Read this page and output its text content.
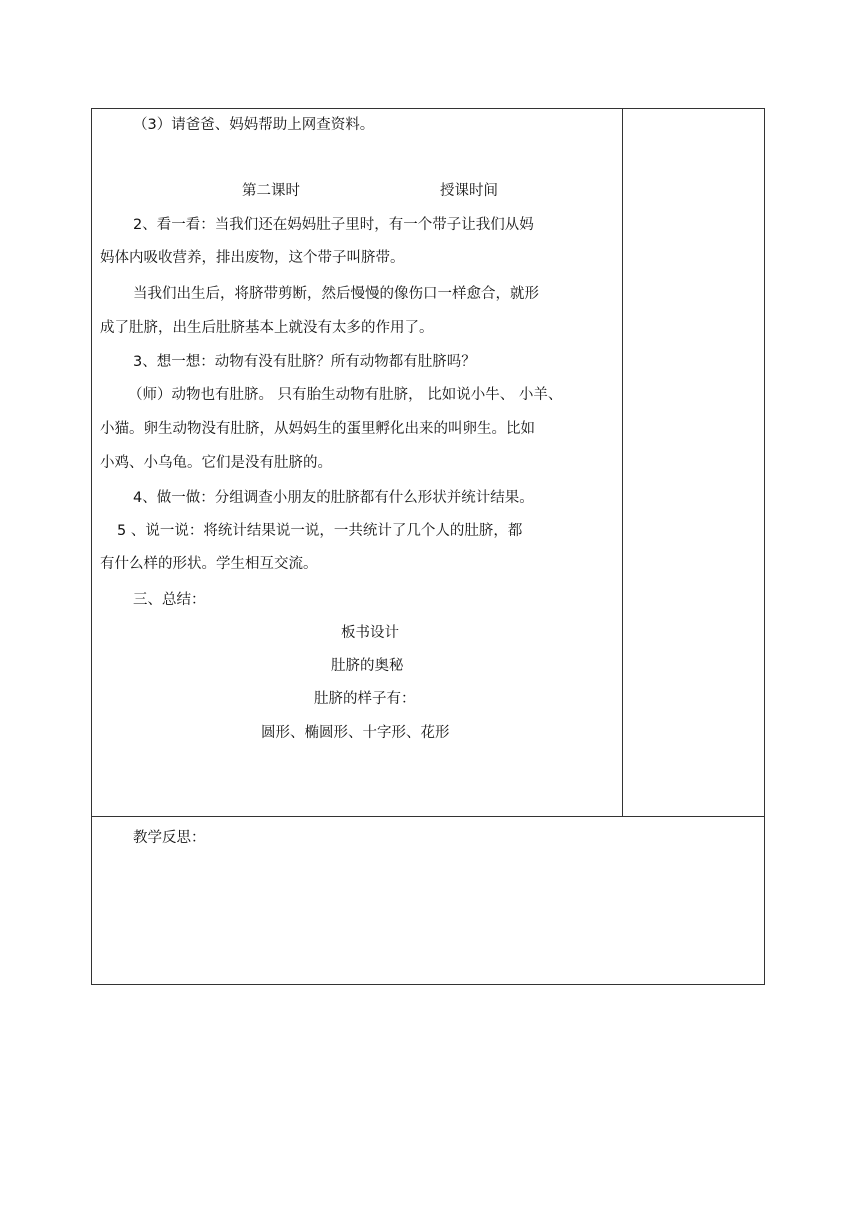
（3）请爸爸、妈妈帮助上网查资料。

第二课时	授课时间

2、看一看：当我们还在妈妈肚子里时，有一个带子让我们从妈

妈体内吸收营养，排出废物，这个带子叫脐带。

当我们出生后，将脐带剪断，然后慢慢的像伤口一样愈合，就形

成了肚脐，出生后肚脐基本上就没有太多的作用了。

3、想一想：动物有没有肚脐？所有动物都有肚脐吗？

（师）动物也有肚脐。 只有胎生动物有肚脐， 比如说小牛、 小羊、

小猫。卵生动物没有肚脐，从妈妈生的蛋里孵化出来的叫卵生。比如

小鸡、小乌龟。它们是没有肚脐的。

4、做一做：分组调查小朋友的肚脐都有什么形状并统计结果。

5 、说一说：将统计结果说一说，一共统计了几个人的肚脐，都

有什么样的形状。学生相互交流。

三、总结：

板书设计

肚脐的奥秘

肚脐的样子有：

圆形、椭圆形、十字形、花形

教学反思：
